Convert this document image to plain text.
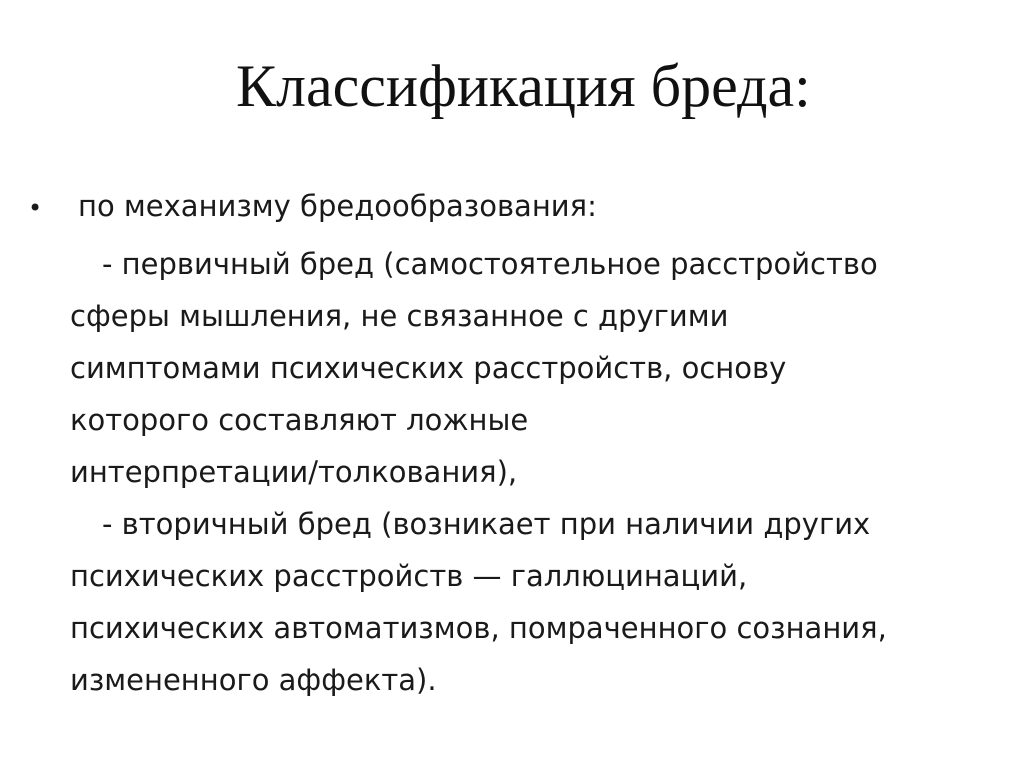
Классификация бреда:
• по механизму бредообразования:
- первичный бред (самостоятельное расстройство
сферы мышления, не связанное с другими
симптомами психических расстройств, основу
которого составляют ложные
интерпретации/толкования),
- вторичный бред (возникает при наличии других
психических расстройств — галлюцинаций,
психических автоматизмов, помраченного сознания,
измененного аффекта).
